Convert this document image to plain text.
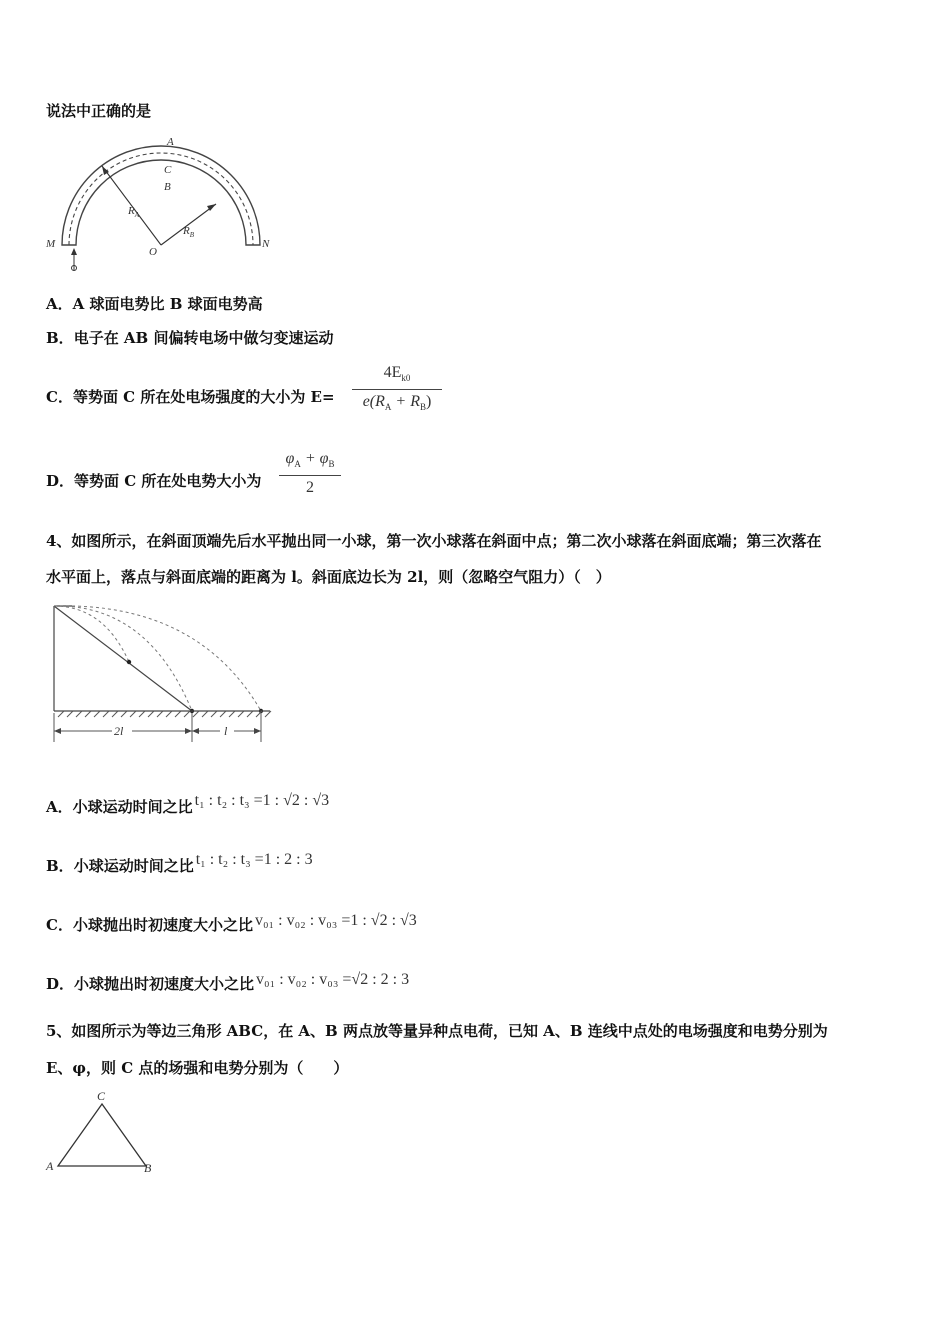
说法中正确的是
A
C
B
$R_A$
$R_B$
O
M	N
A．A 球面电势比 B 球面电势高
B．电子在 AB 间偏转电场中做匀变速运动
C．等势面 C 所在处电场强度的大小为 E=
$4E_{k0}$
$e(R_A + R_B)$
D．等势面 C 所在处电势大小为
$\varphi_A + \varphi_B$
2
4、如图所示，在斜面顶端先后水平抛出同一小球，第一次小球落在斜面中点；第二次小球落在斜面底端；第三次落在
水平面上，落点与斜面底端的距离为 l。斜面底边长为 2l，则（忽略空气阻力）（　）
2l	l
A．小球运动时间之比 t₁ : t₂ : t₃ =1 : √2 : √3
B．小球运动时间之比 t₁ : t₂ : t₃ =1 : 2 : 3
C．小球抛出时初速度大小之比 v₀₁ : v₀₂ : v₀₃ =1 : √2 : √3
D．小球抛出时初速度大小之比 v₀₁ : v₀₂ : v₀₃ =√2 : 2 : 3
5、如图所示为等边三角形 ABC，在 A、B 两点放等量异种点电荷，已知 A、B 连线中点处的电场强度和电势分别为
E、φ，则 C 点的场强和电势分别为（　　）
C
A	B
